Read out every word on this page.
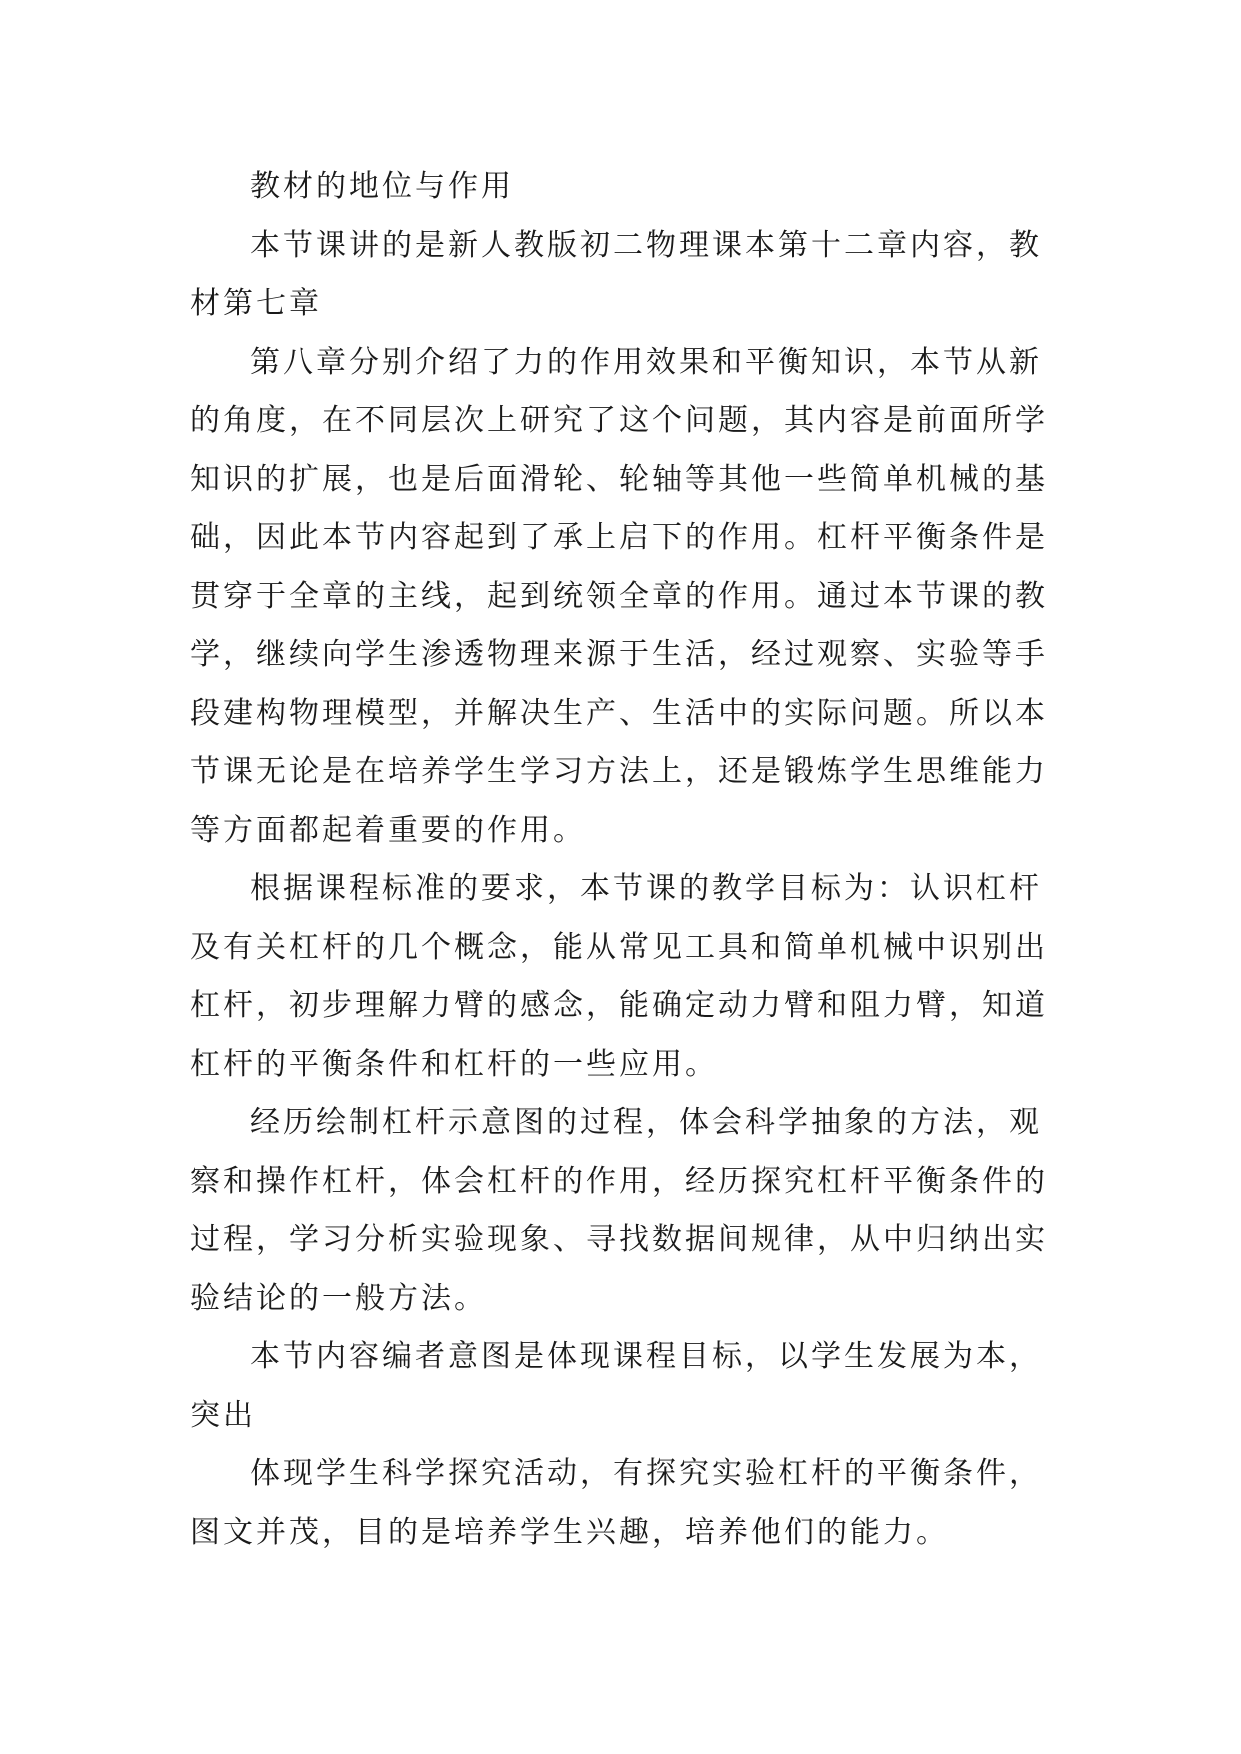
教材的地位与作用

本节课讲的是新人教版初二物理课本第十二章内容，教
材第七章

第八章分别介绍了力的作用效果和平衡知识，本节从新
的角度，在不同层次上研究了这个问题，其内容是前面所学
知识的扩展，也是后面滑轮、轮轴等其他一些简单机械的基
础，因此本节内容起到了承上启下的作用。杠杆平衡条件是
贯穿于全章的主线，起到统领全章的作用。通过本节课的教
学，继续向学生渗透物理来源于生活，经过观察、实验等手
段建构物理模型，并解决生产、生活中的实际问题。所以本
节课无论是在培养学生学习方法上，还是锻炼学生思维能力
等方面都起着重要的作用。

根据课程标准的要求，本节课的教学目标为：认识杠杆
及有关杠杆的几个概念，能从常见工具和简单机械中识别出
杠杆，初步理解力臂的感念，能确定动力臂和阻力臂，知道
杠杆的平衡条件和杠杆的一些应用。

经历绘制杠杆示意图的过程，体会科学抽象的方法，观
察和操作杠杆，体会杠杆的作用，经历探究杠杆平衡条件的
过程，学习分析实验现象、寻找数据间规律，从中归纳出实
验结论的一般方法。

本节内容编者意图是体现课程目标，以学生发展为本，
突出

体现学生科学探究活动，有探究实验杠杆的平衡条件，
图文并茂，目的是培养学生兴趣，培养他们的能力。
